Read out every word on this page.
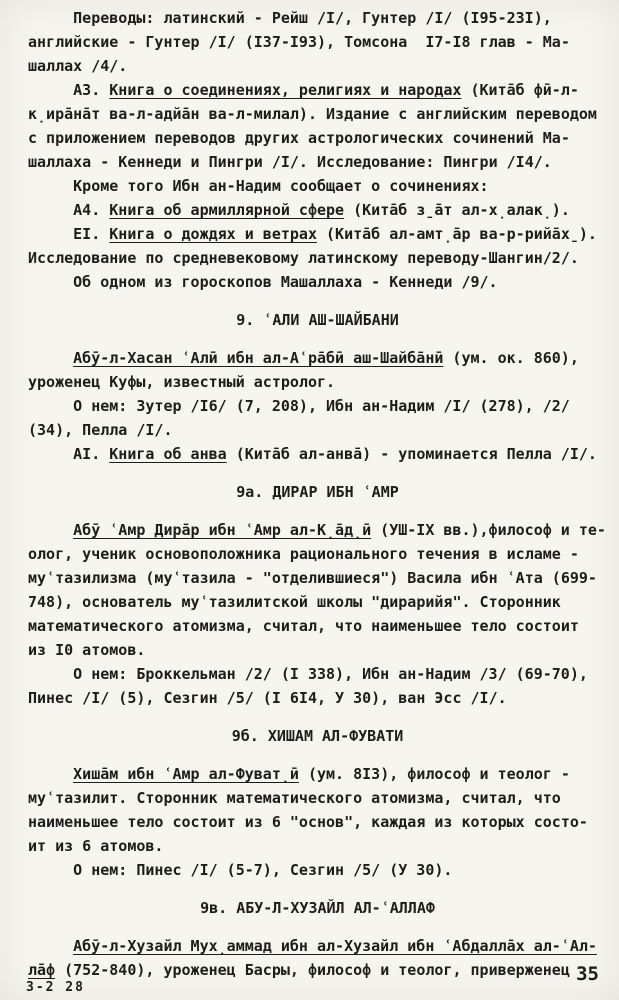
Переводы: латинский - Рейш /I/, Гунтер /I/ (I95-23I),
английские - Гунтер /I/ (I37-I93), Томсона  I7-I8 глав - Ма-
шаллах /4/.
А3. Книга о соединениях, религиях и народах (Кита̄б фӣ-л-
к̣ира̄на̄т ва-л-адйа̄н ва-л-милал). Издание с английским переводом
с приложением переводов других астрологических сочинений Ма-
шаллаха - Кеннеди и Пингри /I/. Исследование: Пингри /I4/.
Кроме того Ибн ан-Надим сообщает о сочинениях:
А4. Книга об армиллярной сфере (Кита̄б з̱а̄т ал-х̣алак̣).
ЕI. Книга о дождях и ветрах (Кита̄б ал-амт̣а̄р ва-р-рийа̄х̱).
Исследование по средневековому латинскому переводу-Шангин/2/.
Об одном из гороскопов Машаллаха - Кеннеди /9/.
9. ʿАЛИ АШ-ШАЙБАНИ
Абӯ-л-Хасан ʿАлӣ ибн ал-Аʿра̄бӣ аш-Шайба̄нӣ (ум. ок. 860),
уроженец Куфы, известный астролог.
О нем: Зутер /I6/ (7, 208), Ибн ан-Надим /I/ (278), /2/
(34), Пелла /I/.
АI. Книга об анва (Кита̄б ал-анва̄) - упоминается Пелла /I/.
9а. ДИРАР ИБН ʿАМР
Абӯ ʿАмр Дира̄р ибн ʿАмр ал-К̣а̄д̣ӣ (УШ-IX вв.),философ и те-
олог, ученик основоположника рационального течения в исламе -
муʿтазилизма (муʿтазила - "отделившиеся") Васила ибн ʿАта (699-
748), основатель муʿтазилитской школы "дирарийя". Сторонник
математического атомизма, считал, что наименьшее тело состоит
из I0 атомов.
О нем: Броккельман /2/ (I 338), Ибн ан-Надим /3/ (69-70),
Пинес /I/ (5), Сезгин /5/ (I 6I4, У 30), ван Эсс /I/.
9б. ХИШАМ АЛ-ФУВАТИ
Хиша̄м ибн ʿАмр ал-Фуват̣ӣ (ум. 8I3), философ и теолог -
муʿтазилит. Сторонник математического атомизма, считал, что
наименьшее тело состоит из 6 "основ", каждая из которых состо-
ит из 6 атомов.
О нем: Пинес /I/ (5-7), Сезгин /5/ (У 30).
9в. АБУ-Л-ХУЗАЙЛ АЛ-ʿАЛЛАФ
Абӯ-л-Хузайл Мух̣аммад ибн ал-Хузайл ибн ʿАбдалла̄х ал-ʿАл-
ла̄ф (752-840), уроженец Басры, философ и теолог, приверженец
3-2 28
35
